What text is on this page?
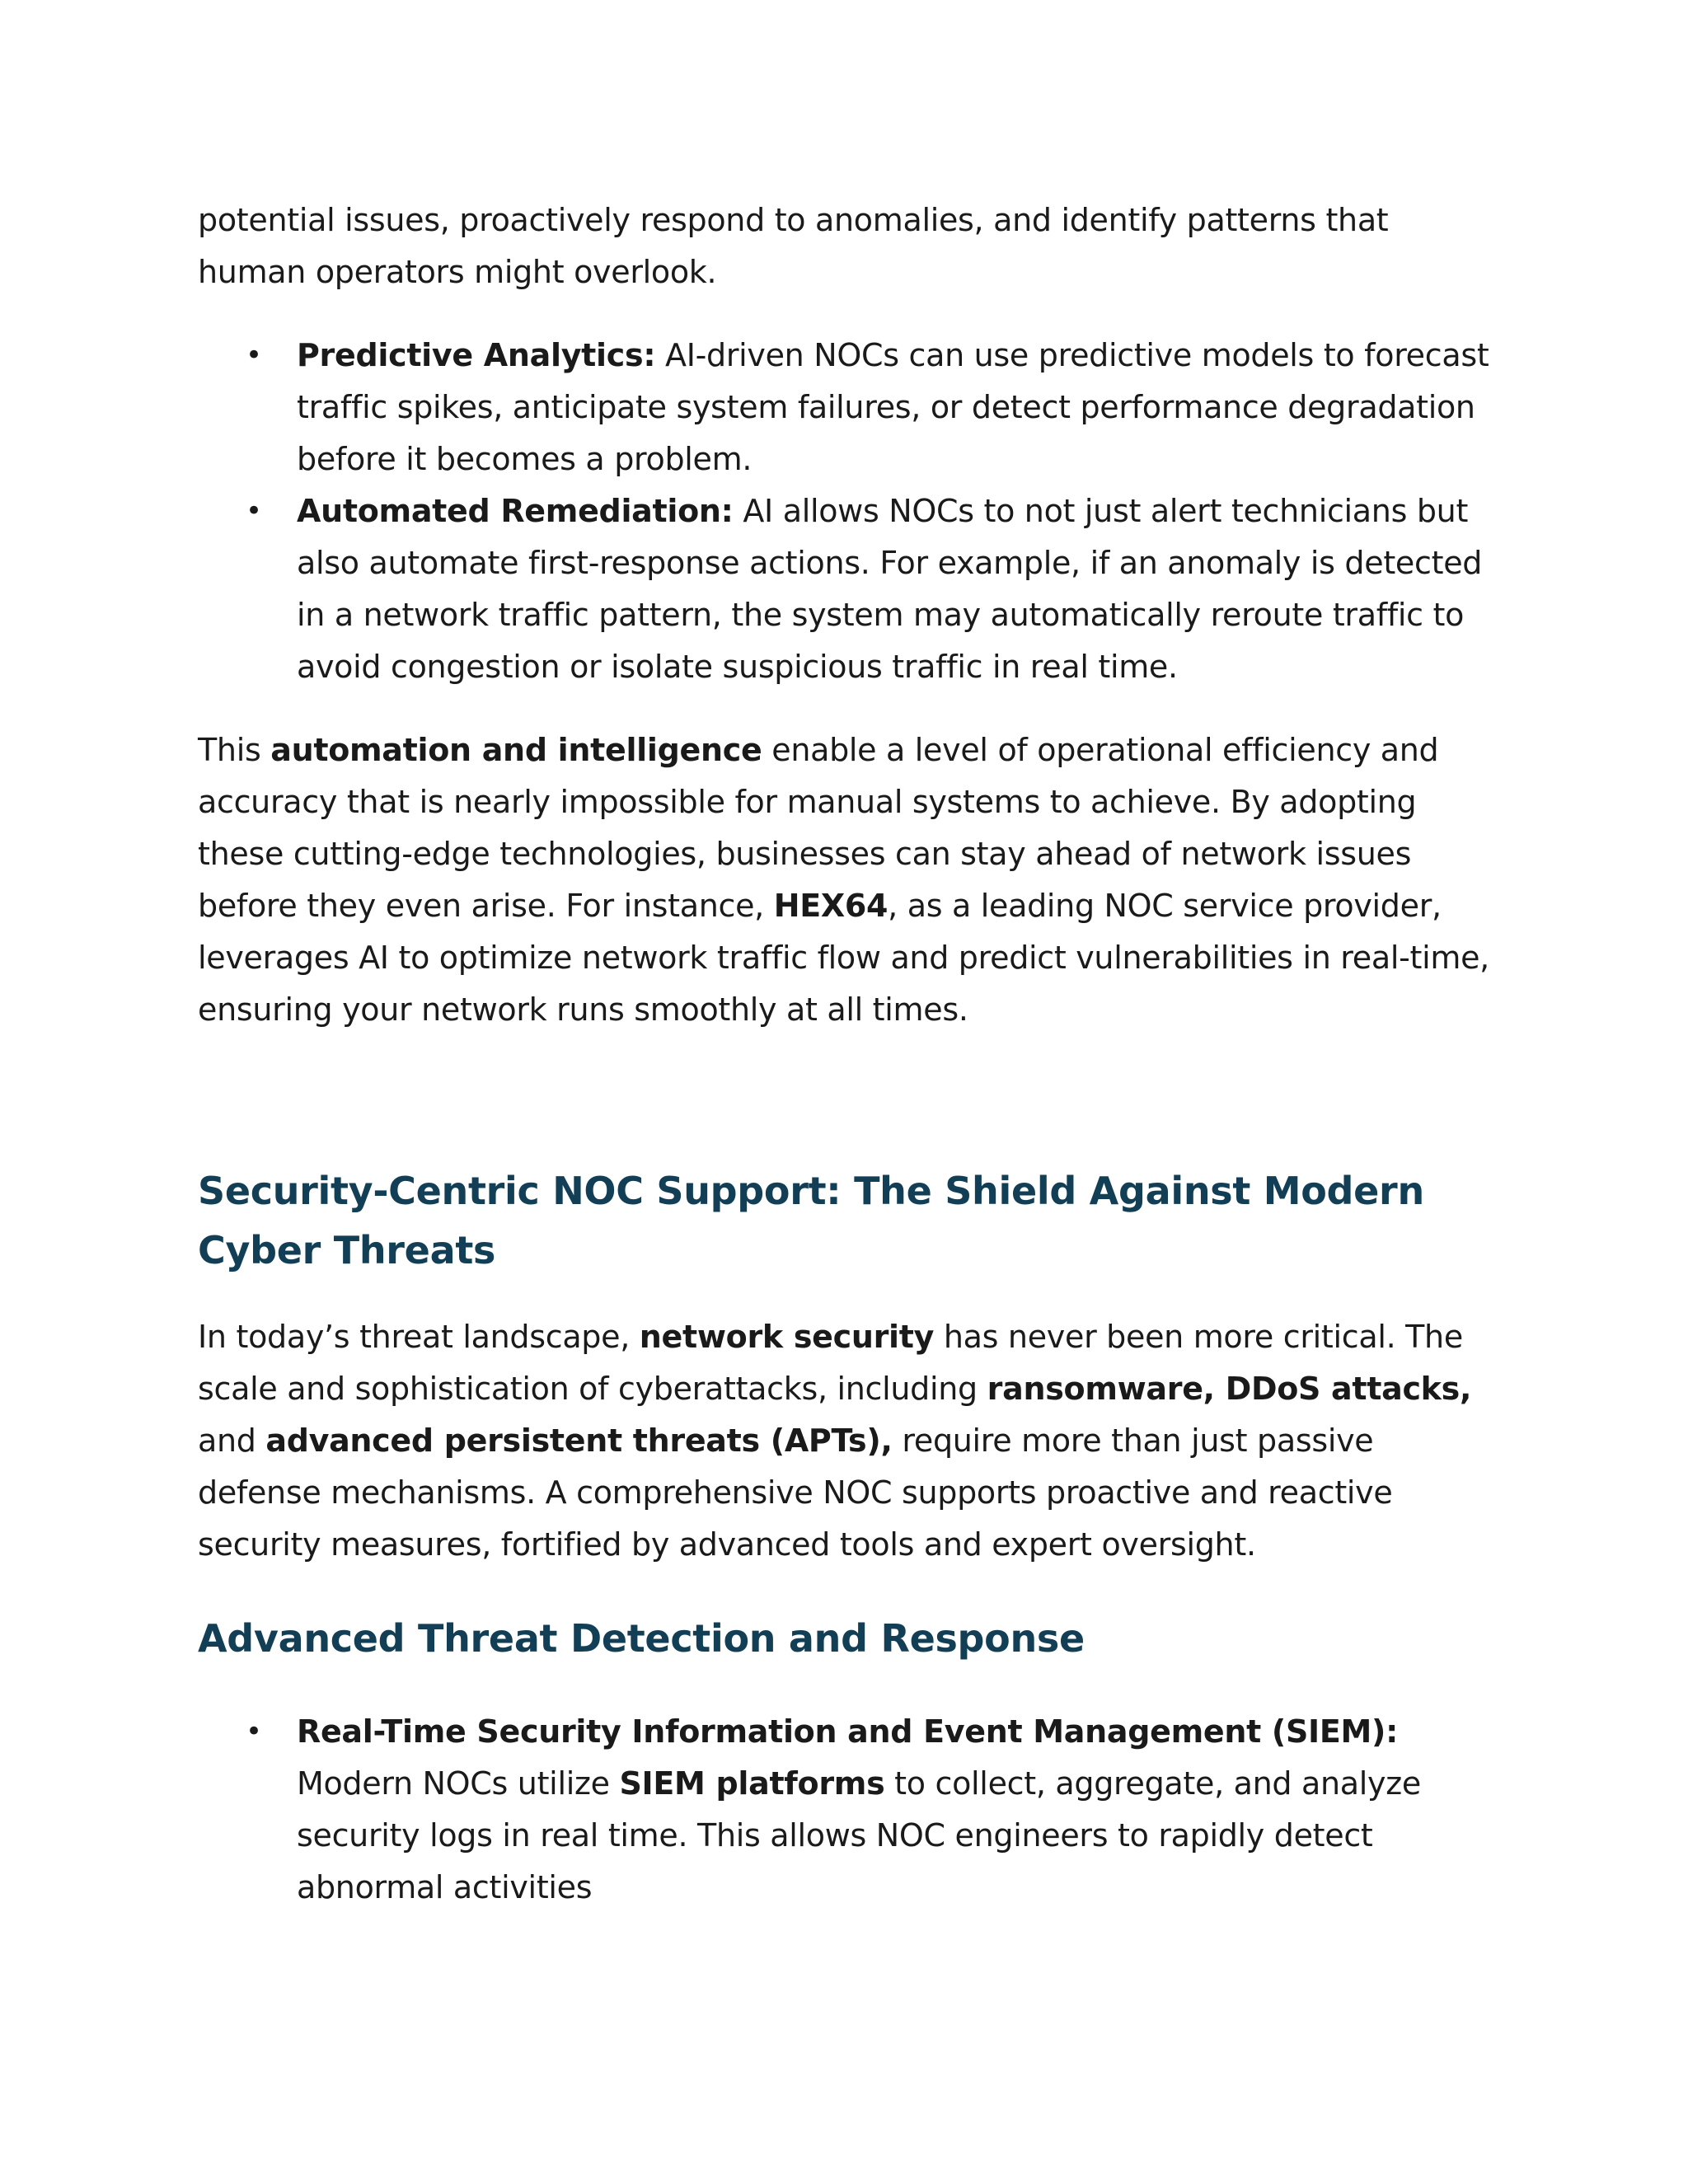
potential issues, proactively respond to anomalies, and identify patterns that human operators might overlook.

• Predictive Analytics: AI-driven NOCs can use predictive models to forecast traffic spikes, anticipate system failures, or detect performance degradation before it becomes a problem.
• Automated Remediation: AI allows NOCs to not just alert technicians but also automate first-response actions. For example, if an anomaly is detected in a network traffic pattern, the system may automatically reroute traffic to avoid congestion or isolate suspicious traffic in real time.

This automation and intelligence enable a level of operational efficiency and accuracy that is nearly impossible for manual systems to achieve. By adopting these cutting-edge technologies, businesses can stay ahead of network issues before they even arise. For instance, HEX64, as a leading NOC service provider, leverages AI to optimize network traffic flow and predict vulnerabilities in real-time, ensuring your network runs smoothly at all times.

Security-Centric NOC Support: The Shield Against Modern Cyber Threats

In today’s threat landscape, network security has never been more critical. The scale and sophistication of cyberattacks, including ransomware, DDoS attacks, and advanced persistent threats (APTs), require more than just passive defense mechanisms. A comprehensive NOC supports proactive and reactive security measures, fortified by advanced tools and expert oversight.

Advanced Threat Detection and Response
• Real-Time Security Information and Event Management (SIEM): Modern NOCs utilize SIEM platforms to collect, aggregate, and analyze security logs in real time. This allows NOC engineers to rapidly detect abnormal activities
